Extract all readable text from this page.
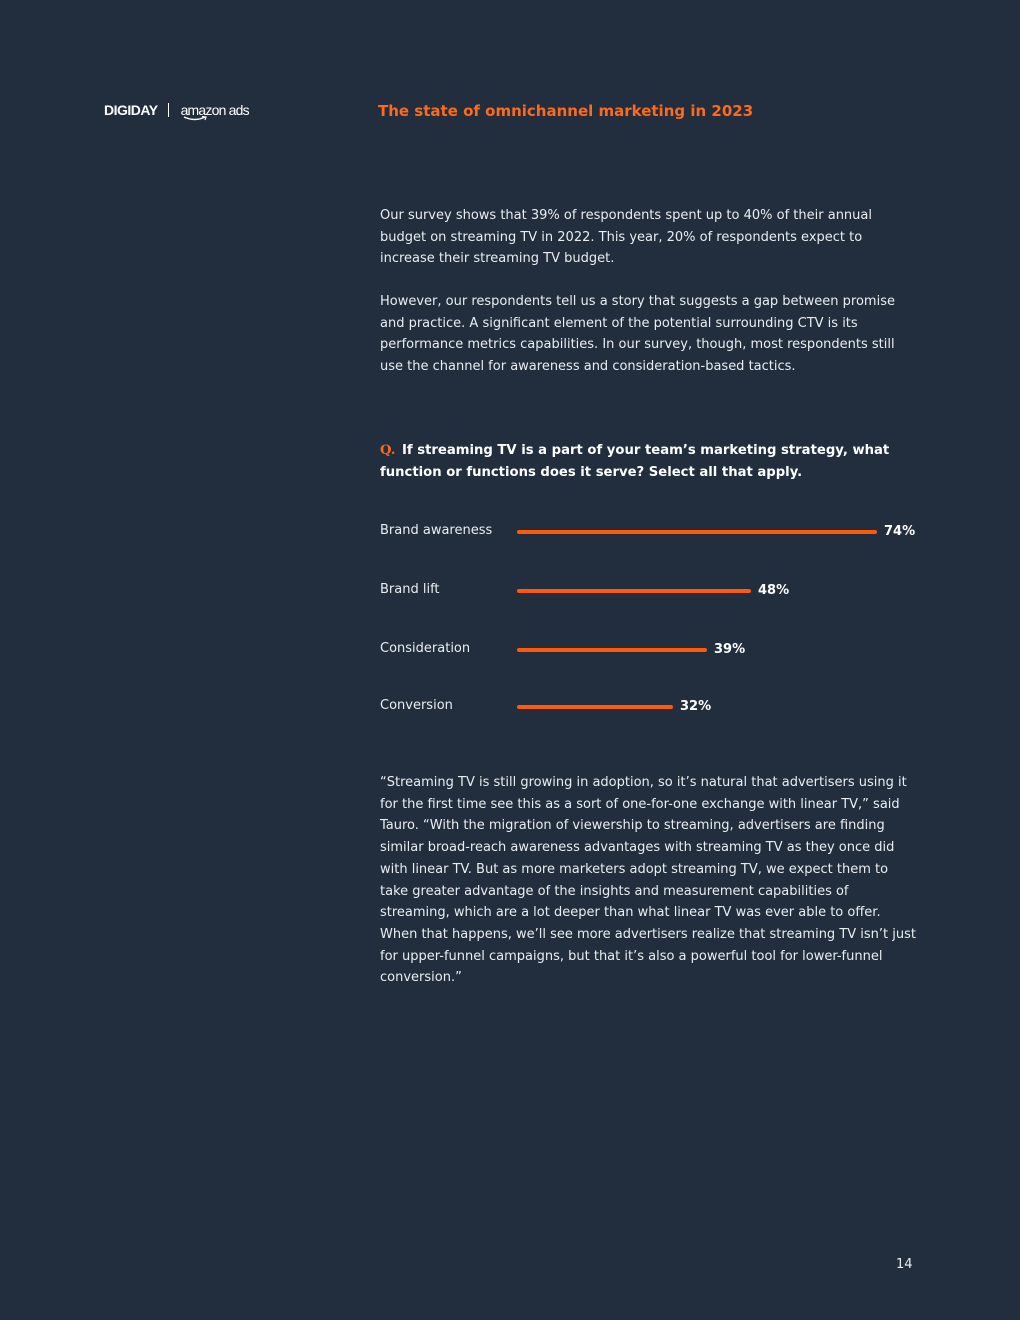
DIGIDAY amazon ads	The state of omnichannel marketing in 2023

Our survey shows that 39% of respondents spent up to 40% of their annual budget on streaming TV in 2022. This year, 20% of respondents expect to increase their streaming TV budget.

However, our respondents tell us a story that suggests a gap between promise and practice. A significant element of the potential surrounding CTV is its performance metrics capabilities. In our survey, though, most respondents still use the channel for awareness and consideration-based tactics.

Q. If streaming TV is a part of your team’s marketing strategy, what function or functions does it serve? Select all that apply.
Brand awareness	74%
Brand lift	48%
Consideration	39%
Conversion	32%

“Streaming TV is still growing in adoption, so it’s natural that advertisers using it for the first time see this as a sort of one-for-one exchange with linear TV,” said Tauro. “With the migration of viewership to streaming, advertisers are finding similar broad-reach awareness advantages with streaming TV as they once did with linear TV. But as more marketers adopt streaming TV, we expect them to take greater advantage of the insights and measurement capabilities of streaming, which are a lot deeper than what linear TV was ever able to offer. When that happens, we’ll see more advertisers realize that streaming TV isn’t just for upper-funnel campaigns, but that it’s also a powerful tool for lower-funnel conversion.”

14
